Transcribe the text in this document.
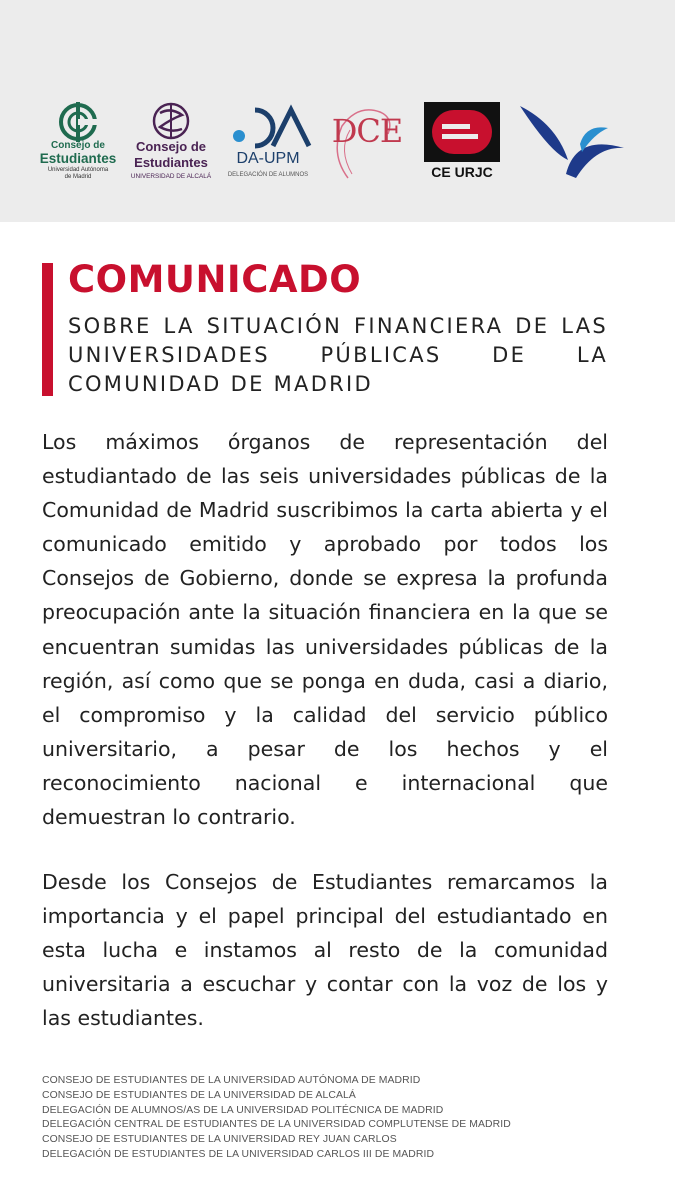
Consejo de
Estudiantes
Universidad Autónoma
de Madrid
Consejo de
Estudiantes
UNIVERSIDAD DE ALCALÁ
DA-UPM
DELEGACIÓN DE ALUMNOS
DCE
CE URJC
COMUNICADO
SOBRE LA SITUACIÓN FINANCIERA DE LAS UNIVERSIDADES PÚBLICAS DE LA COMUNIDAD DE MADRID
Los máximos órganos de representación del estudiantado de las seis universidades públicas de la Comunidad de Madrid suscribimos la carta abierta y el comunicado emitido y aprobado por todos los Consejos de Gobierno, donde se expresa la profunda preocupación ante la situación financiera en la que se encuentran sumidas las universidades públicas de la región, así como que se ponga en duda, casi a diario, el compromiso y la calidad del servicio público universitario, a pesar de los hechos y el reconocimiento nacional e internacional que demuestran lo contrario.
Desde los Consejos de Estudiantes remarcamos la importancia y el papel principal del estudiantado en esta lucha e instamos al resto de la comunidad universitaria a escuchar y contar con la voz de los y las estudiantes.
CONSEJO DE ESTUDIANTES DE LA UNIVERSIDAD AUTÓNOMA DE MADRID
CONSEJO DE ESTUDIANTES DE LA UNIVERSIDAD DE ALCALÁ
DELEGACIÓN DE ALUMNOS/AS DE LA UNIVERSIDAD POLITÉCNICA DE MADRID
DELEGACIÓN CENTRAL DE ESTUDIANTES DE LA UNIVERSIDAD COMPLUTENSE DE MADRID
CONSEJO DE ESTUDIANTES DE LA UNIVERSIDAD REY JUAN CARLOS
DELEGACIÓN DE ESTUDIANTES DE LA UNIVERSIDAD CARLOS III DE MADRID
